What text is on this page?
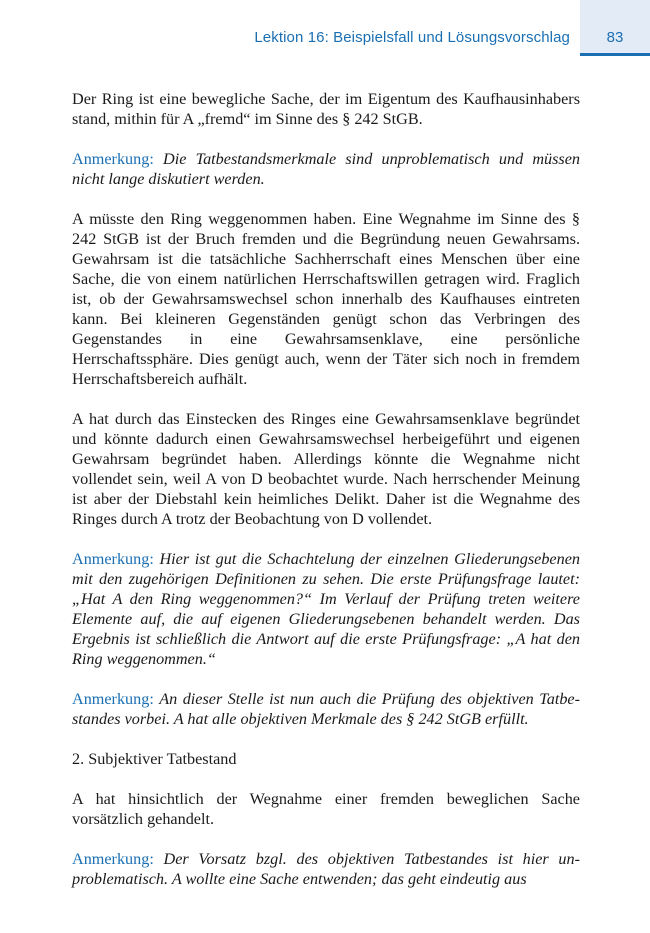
Lektion 16: Beispielsfall und Lösungsvorschlag	83

Der Ring ist eine bewegliche Sache, der im Eigentum des Kaufhausinhabers stand, mithin für A „fremd“ im Sinne des § 242 StGB.

Anmerkung: Die Tatbestandsmerkmale sind unproblematisch und müssen nicht lange diskutiert werden.

A müsste den Ring weggenommen haben. Eine Wegnahme im Sinne des § 242 StGB ist der Bruch fremden und die Begründung neuen Gewahrsams. Gewahrsam ist die tatsächliche Sachherrschaft eines Menschen über eine Sache, die von einem natürlichen Herrschaftswillen getragen wird. Fraglich ist, ob der Gewahrsamswechsel schon innerhalb des Kaufhauses eintreten kann. Bei kleineren Gegenständen genügt schon das Verbringen des Gegenstandes in eine Gewahrsamsenklave, eine persönliche Herrschaftssphäre. Dies genügt auch, wenn der Täter sich noch in fremdem Herrschaftsbereich aufhält.

A hat durch das Einstecken des Ringes eine Gewahrsamsenklave begründet und könnte dadurch einen Gewahrsamswechsel herbeigeführt und eigenen Gewahrsam begründet haben. Allerdings könnte die Wegnahme nicht vollendet sein, weil A von D beobachtet wurde. Nach herrschender Meinung ist aber der Diebstahl kein heimliches Delikt. Daher ist die Wegnahme des Ringes durch A trotz der Beobachtung von D vollendet.

Anmerkung: Hier ist gut die Schachtelung der einzelnen Gliederungsebenen mit den zugehörigen Definitionen zu sehen. Die erste Prüfungsfrage lautet: „Hat A den Ring weggenommen?“ Im Verlauf der Prüfung treten weitere Elemente auf, die auf eigenen Gliederungsebenen behandelt werden. Das Ergebnis ist schließlich die Antwort auf die erste Prüfungsfrage: „A hat den Ring weggenommen.“

Anmerkung: An dieser Stelle ist nun auch die Prüfung des objektiven Tatbestandes vorbei. A hat alle objektiven Merkmale des § 242 StGB erfüllt.

2. Subjektiver Tatbestand

A hat hinsichtlich der Wegnahme einer fremden beweglichen Sache vorsätzlich gehandelt.

Anmerkung: Der Vorsatz bzgl. des objektiven Tatbestandes ist hier unproblematisch. A wollte eine Sache entwenden; das geht eindeutig aus
